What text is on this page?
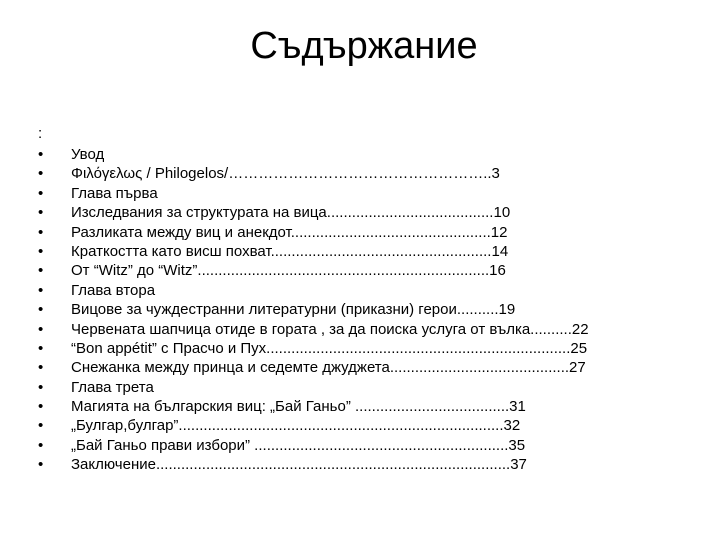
Съдържание
:
•	Увод
•	Φιλόγελως / Philogelos/……………………………………………..3
•	Глава първа
•	Изследвания за структурата на вица........................................10
•	Разликата между виц и анекдот................................................12
•	Краткостта като висш похват.....................................................14
•	От “Witz” до “Witz”......................................................................16
•	Глава втора
•	Вицове за чуждестранни литературни (приказни) герои..........19
•	Червената шапчица отиде в гората , за да поиска услуга от вълка..........22
•	“Bon appétit” с Прасчо и Пух.........................................................................25
•	Снежанка между принца и седемте джуджета...........................................27
•	Глава трета
•	Магията на българския виц: „Бай Ганьо” .....................................31
•	„Булгар,булгар”..............................................................................32
•	„Бай Ганьо прави избори” .............................................................35
•	Заключение.....................................................................................37
